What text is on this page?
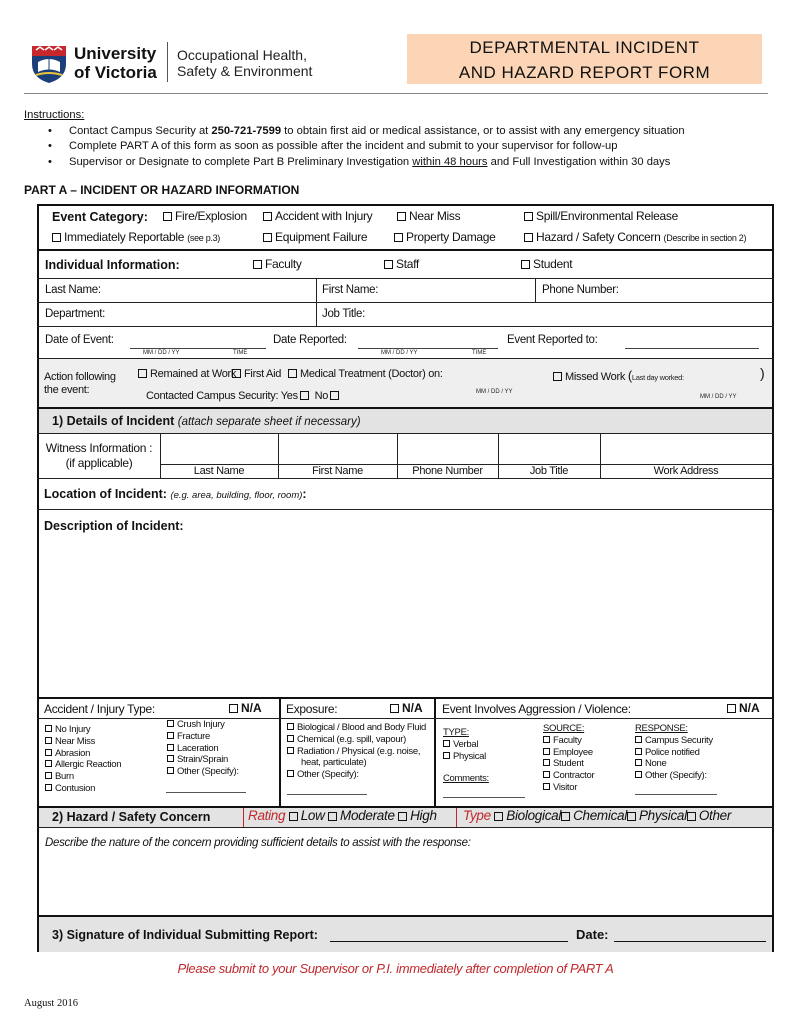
University
of Victoria
Occupational Health,
Safety & Environment
DEPARTMENTAL INCIDENT
AND HAZARD REPORT FORM
Instructions:
• Contact Campus Security at 250-721-7599 to obtain first aid or medical assistance, or to assist with any emergency situation
• Complete PART A of this form as soon as possible after the incident and submit to your supervisor for follow-up
• Supervisor or Designate to complete Part B Preliminary Investigation within 48 hours and Full Investigation within 30 days
PART A – INCIDENT OR HAZARD INFORMATION
Event Category:	Fire/Explosion	Accident with Injury	Near Miss	Spill/Environmental Release
Immediately Reportable (see p.3)	Equipment Failure	Property Damage	Hazard / Safety Concern (Describe in section 2)
Individual Information:	Faculty	Staff	Student
Last Name:	First Name:	Phone Number:
Department:	Job Title:
Date of Event:
MM / DD / YY	TIME
Date Reported:
MM / DD / YY	TIME
Event Reported to:
Action following
the event:
Remained at Work First Aid	Medical Treatment (Doctor) on:
MM / DD / YY
Missed Work (Last day worked:	)
MM / DD / YY
Contacted Campus Security: Yes No
1) Details of Incident (attach separate sheet if necessary)
Witness Information :
(if applicable)
Last Name	First Name	Phone Number	Job Title	Work Address
Location of Incident: (e.g. area, building, floor, room):
Description of Incident:
Accident / Injury Type:	N/A Exposure:	N/A Event Involves Aggression / Violence:	N/A
No Injury
Near Miss
Abrasion
Allergic Reaction
Burn
Contusion
Crush Injury
Fracture
Laceration
Strain/Sprain
Other (Specify):
Biological / Blood and Body Fluid
Chemical (e.g. spill, vapour)
Radiation / Physical (e.g. noise,
heat, particulate)
Other (Specify):
TYPE:
Verbal
Physical
Comments:
SOURCE:
Faculty
Employee
Student
Contractor
Visitor
RESPONSE:
Campus Security
Police notified
None
Other (Specify):
2) Hazard / Safety Concern	Rating Low Moderate High Type Biological Chemical Physical Other
Describe the nature of the concern providing sufficient details to assist with the response:
3) Signature of Individual Submitting Report:	Date:
Please submit to your Supervisor or P.I. immediately after completion of PART A
August 2016
